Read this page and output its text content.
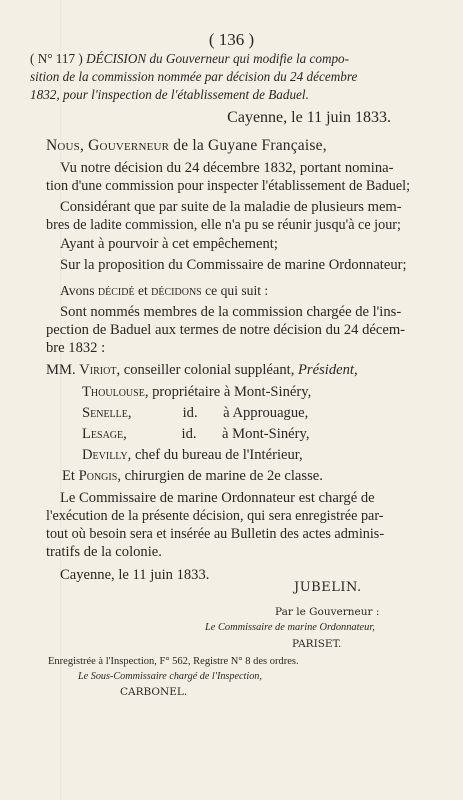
( 136 )
( N° 117 ) DÉCISION du Gouverneur qui modifie la compo-
sition de la commission nommée par décision du 24 décembre
1832, pour l'inspection de l'établissement de Baduel.
Cayenne, le 11 juin 1833.
Nous, Gouverneur de la Guyane Française,
Vu notre décision du 24 décembre 1832, portant nomina-
tion d'une commission pour inspecter l'établissement de Baduel;
Considérant que par suite de la maladie de plusieurs mem-
bres de ladite commission, elle n'a pu se réunir jusqu'à ce jour;
Ayant à pourvoir à cet empêchement;
Sur la proposition du Commissaire de marine Ordonnateur;
Avons décidé et décidons ce qui suit :
Sont nommés membres de la commission chargée de l'ins-
pection de Baduel aux termes de notre décision du 24 décem-
bre 1832 :
MM. Viriot, conseiller colonial suppléant, Président,
Thoulouse, propriétaire à Mont-Sinéry,
Senelle,              id.       à Approuague,
Lesage,               id.       à Mont-Sinéry,
Devilly, chef du bureau de l'Intérieur,
Et Pongis, chirurgien de marine de 2e classe.
Le Commissaire de marine Ordonnateur est chargé de
l'exécution de la présente décision, qui sera enregistrée par-
tout où besoin sera et insérée au Bulletin des actes adminis-
tratifs de la colonie.
Cayenne, le 11 juin 1833.
JUBELIN.
Par le Gouverneur :
Le Commissaire de marine Ordonnateur,
PARISET.
Enregistrée à l'Inspection, F° 562, Registre N° 8 des ordres.
Le Sous-Commissaire chargé de l'Inspection,
CARBONEL.
